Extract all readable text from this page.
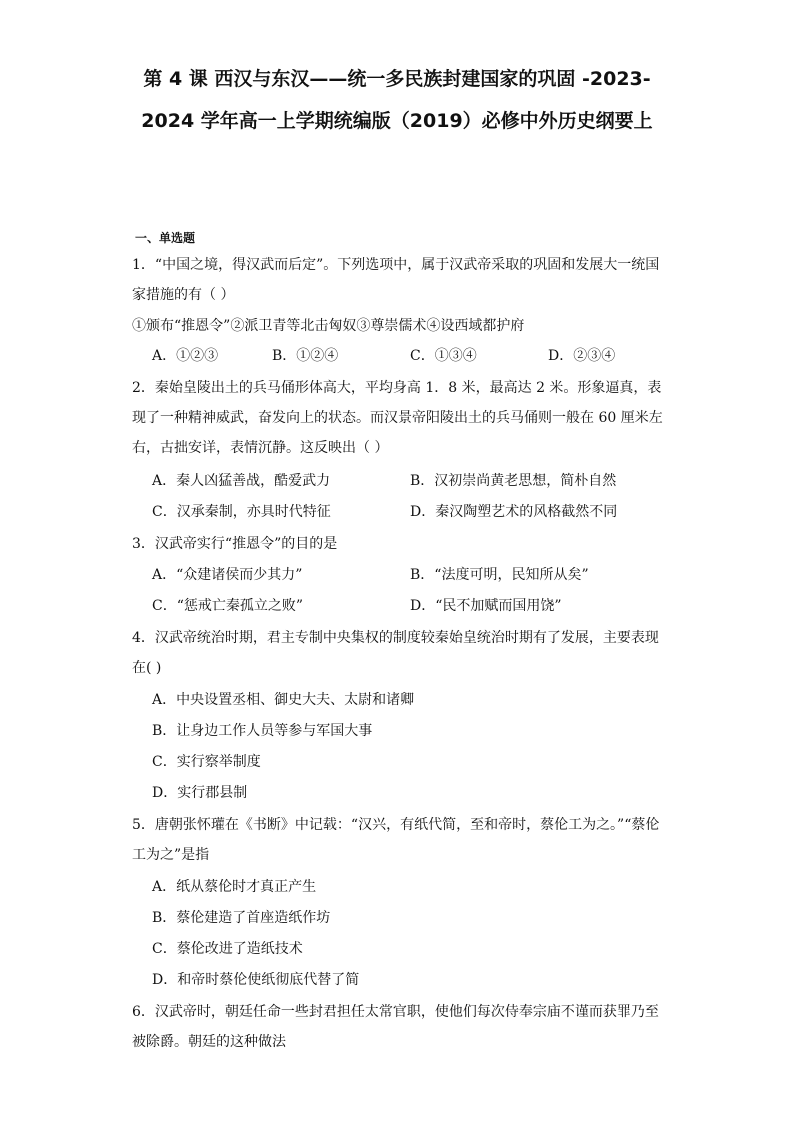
第 4 课 西汉与东汉——统一多民族封建国家的巩固 -2023-2024 学年高一上学期统编版（2019）必修中外历史纲要上
一、单选题
1．“中国之境，得汉武而后定”。下列选项中，属于汉武帝采取的巩固和发展大一统国家措施的有（ ）
①颁布“推恩令”②派卫青等北击匈奴③尊崇儒术④设西域都护府
A．①②③	B．①②④	C．①③④	D．②③④
2．秦始皇陵出土的兵马俑形体高大，平均身高 1．8 米，最高达 2 米。形象逼真，表现了一种精神威武，奋发向上的状态。而汉景帝阳陵出土的兵马俑则一般在 60 厘米左右，古拙安详，表情沉静。这反映出（ ）
A．秦人凶猛善战，酷爱武力	B．汉初崇尚黄老思想，简朴自然
C．汉承秦制，亦具时代特征	D．秦汉陶塑艺术的风格截然不同
3．汉武帝实行“推恩令”的目的是
A．“众建诸侯而少其力”	B．“法度可明，民知所从矣”
C．“惩戒亡秦孤立之败”	D．“民不加赋而国用饶”
4．汉武帝统治时期，君主专制中央集权的制度较秦始皇统治时期有了发展，主要表现在( )
A．中央设置丞相、御史大夫、太尉和诸卿
B．让身边工作人员等参与军国大事
C．实行察举制度
D．实行郡县制
5．唐朝张怀瓘在《书断》中记载：“汉兴，有纸代简，至和帝时，蔡伦工为之。”“蔡伦工为之”是指
A．纸从蔡伦时才真正产生
B．蔡伦建造了首座造纸作坊
C．蔡伦改进了造纸技术
D．和帝时蔡伦使纸彻底代替了简
6．汉武帝时，朝廷任命一些封君担任太常官职，使他们每次侍奉宗庙不谨而获罪乃至被除爵。朝廷的这种做法
